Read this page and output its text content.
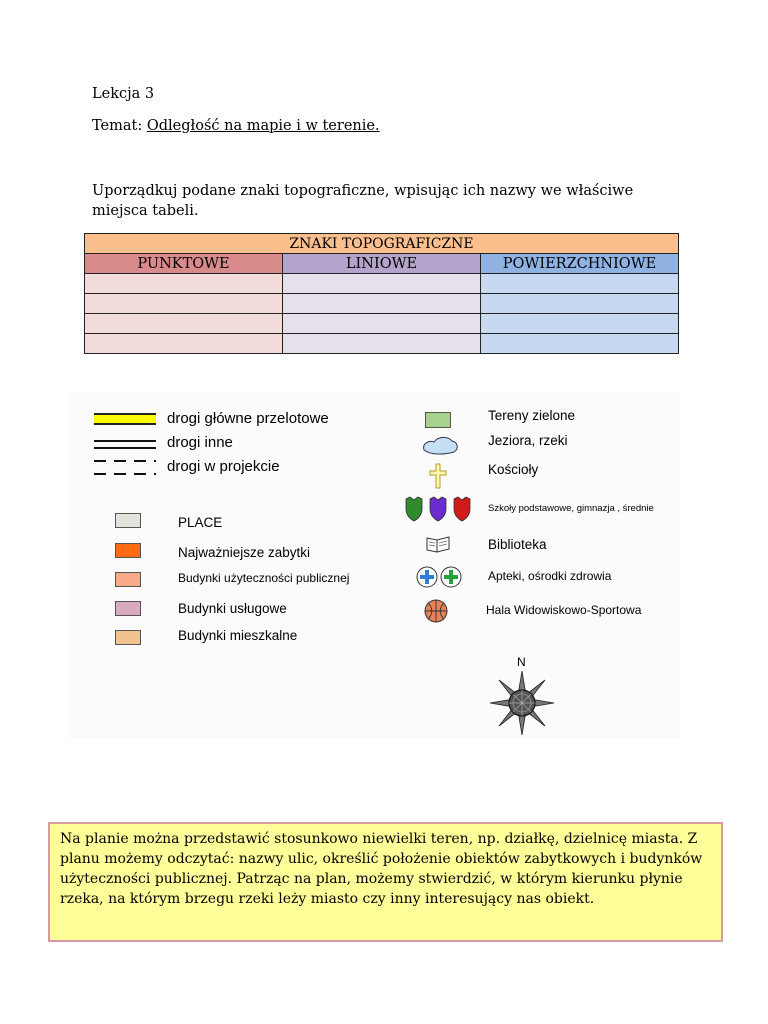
Lekcja 3
Temat: Odległość na mapie i w terenie.
Uporządkuj podane znaki topograficzne, wpisując ich nazwy we właściwe miejsca tabeli.
ZNAKI TOPOGRAFICZNE		
PUNKTOWE	LINIOWE	POWIERZCHNIOWE

drogi główne przelotowe
drogi inne
drogi w projekcie
PLACE
Najważniejsze zabytki
Budynki użyteczności publicznej
Budynki usługowe
Budynki mieszkalne
Tereny zielone
Jeziora, rzeki
Kościoły
Szkoły podstawowe, gimnazja , średnie
Biblioteka
Apteki, ośrodki zdrowia
Hala Widowiskowo-Sportowa
N
Na planie można przedstawić stosunkowo niewielki teren, np. działkę, dzielnicę miasta. Z planu możemy odczytać: nazwy ulic, określić położenie obiektów zabytkowych i budynków użyteczności publicznej. Patrząc na plan, możemy stwierdzić, w którym kierunku płynie rzeka, na którym brzegu rzeki leży miasto czy inny interesujący nas obiekt.
